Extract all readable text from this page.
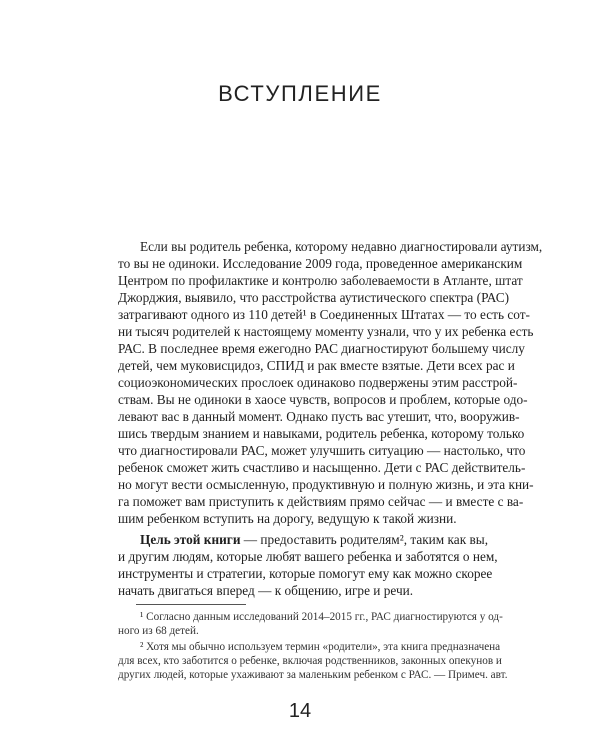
ВСТУПЛЕНИЕ
Если вы родитель ребенка, которому недавно диагностировали аутизм,
то вы не одиноки. Исследование 2009 года, проведенное американским
Центром по профилактике и контролю заболеваемости в Атланте, штат
Джорджия, выявило, что расстройства аутистического спектра (РАС)
затрагивают одного из 110 детей¹ в Соединенных Штатах — то есть сот-
ни тысяч родителей к настоящему моменту узнали, что у их ребенка есть
РАС. В последнее время ежегодно РАС диагностируют большему числу
детей, чем муковисцидоз, СПИД и рак вместе взятые. Дети всех рас и
социоэкономических прослоек одинаково подвержены этим расстрой-
ствам. Вы не одиноки в хаосе чувств, вопросов и проблем, которые одо-
левают вас в данный момент. Однако пусть вас утешит, что, вооружив-
шись твердым знанием и навыками, родитель ребенка, которому только
что диагностировали РАС, может улучшить ситуацию — настолько, что
ребенок сможет жить счастливо и насыщенно. Дети с РАС действитель-
но могут вести осмысленную, продуктивную и полную жизнь, и эта кни-
га поможет вам приступить к действиям прямо сейчас — и вместе с ва-
шим ребенком вступить на дорогу, ведущую к такой жизни.
Цель этой книги — предоставить родителям², таким как вы,
и другим людям, которые любят вашего ребенка и заботятся о нем,
инструменты и стратегии, которые помогут ему как можно скорее
начать двигаться вперед — к общению, игре и речи.
¹ Согласно данным исследований 2014–2015 гг., РАС диагностируются у од-
ного из 68 детей.
² Хотя мы обычно используем термин «родители», эта книга предназначена
для всех, кто заботится о ребенке, включая родственников, законных опекунов и
других людей, которые ухаживают за маленьким ребенком с РАС. — Примеч. авт.
14
